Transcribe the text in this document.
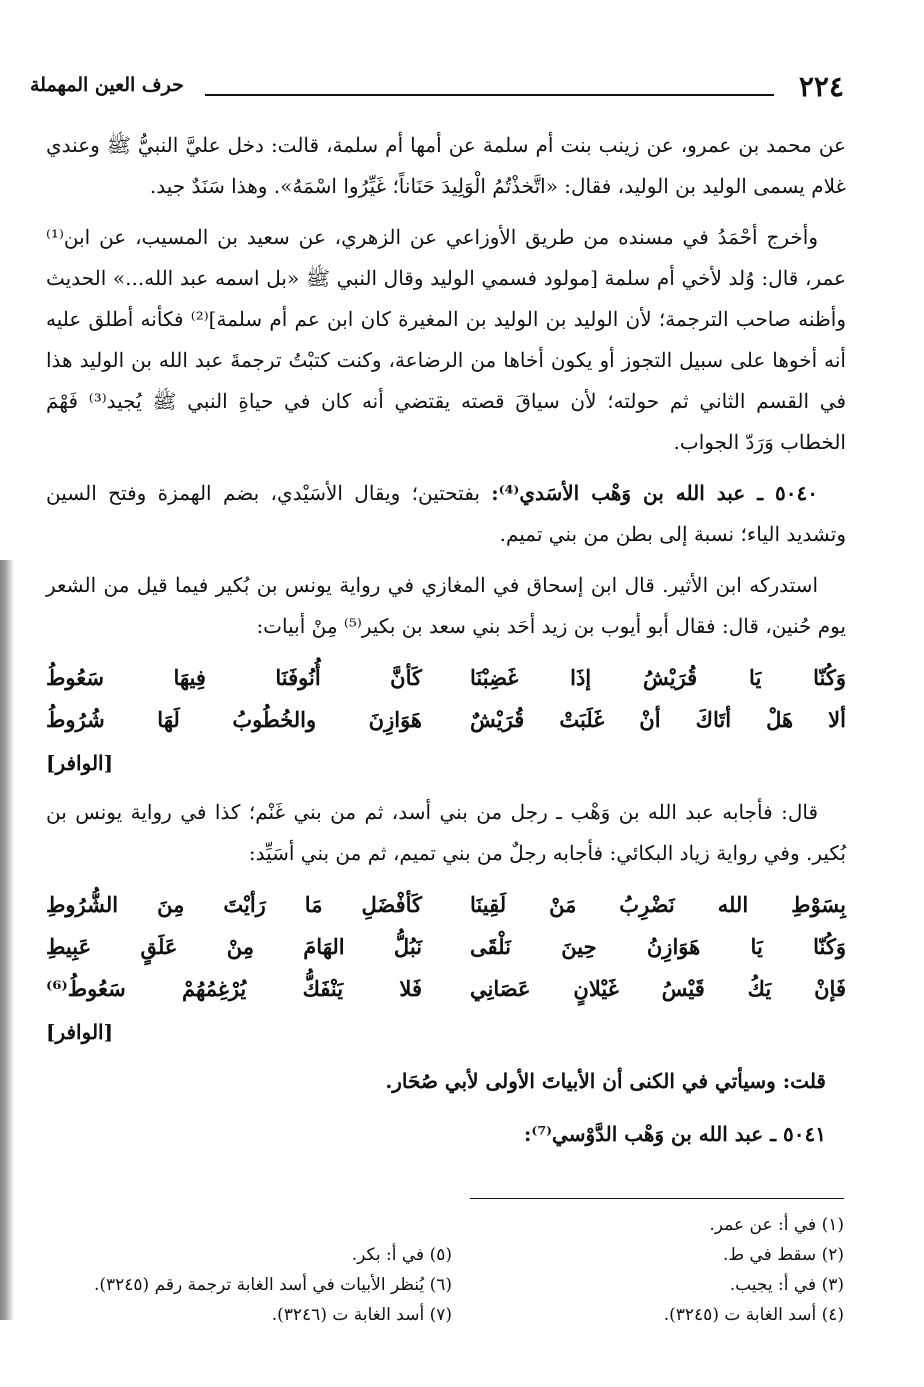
٢٢٤
حرف العين المهملة

عن محمد بن عمرو، عن زينب بنت أم سلمة عن أمها أم سلمة، قالت: دخل عليَّ النبيُّ ﷺ وعندي غلام يسمى الوليد بن الوليد، فقال: «اتَّخذْتُمُ الْوَلِيدَ حَنَاناً؛ غَيِّرُوا اسْمَهُ». وهذا سَنَدٌ جيد.

وأخرج أحْمَدُ في مسنده من طريق الأوزاعي عن الزهري، عن سعيد بن المسيب، عن ابن⁽¹⁾ عمر، قال: وُلد لأخي أم سلمة [مولود فسمي الوليد وقال النبي ﷺ «بل اسمه عبد الله...» الحديث وأظنه صاحب الترجمة؛ لأن الوليد بن الوليد بن المغيرة كان ابن عم أم سلمة]⁽²⁾ فكأنه أطلق عليه أنه أخوها على سبيل التجوز أو يكون أخاها من الرضاعة، وكنت كتبْتُ ترجمةَ عبد الله بن الوليد هذا في القسم الثاني ثم حولته؛ لأن سياقَ قصته يقتضي أنه كان في حياةِ النبي ﷺ يُجيد⁽³⁾ فَهْمَ الخطاب وَرَدّ الجواب.

٥٠٤٠ ـ عبد الله بن وَهْب الأسَدي⁽⁴⁾: بفتحتين؛ ويقال الأسَيْدي، بضم الهمزة وفتح السين وتشديد الياء؛ نسبة إلى بطن من بني تميم.

استدركه ابن الأثير. قال ابن إسحاق في المغازي في رواية يونس بن بُكير فيما قيل من الشعر يوم حُنين، قال: فقال أبو أيوب بن زيد أحَد بني سعد بن بكير⁽⁵⁾ مِنْ أبيات:

وَكُنّا يَا قُرَيْشُ إذَا غَضِبْنَا
كَأنَّ أُنُوفَنَا فِيهَا سَعُوطُ
ألا هَلْ أتَاكَ أنْ غَلَبَتْ قُرَيْشٌ
هَوَازِنَ والخُطُوبُ لَهَا شُرُوطُ
[الوافر]

قال: فأجابه عبد الله بن وَهْب ـ رجل من بني أسد، ثم من بني غَنْم؛ كذا في رواية يونس بن بُكير. وفي رواية زياد البكائي: فأجابه رجلٌ من بني تميم، ثم من بني أسَيِّد:

بِسَوْطِ الله نَضْرِبُ مَنْ لَقِينَا
كَأفْضَلِ مَا رَأيْتَ مِنَ الشُّرُوطِ
وَكُنّا يَا هَوَازِنُ حِينَ نَلْقَى
نَبُلُّ الهَامَ مِنْ عَلَقٍ عَبِيطِ
فَإنْ يَكُ قَيْسُ غَيْلانٍ عَصَانِي
فَلا يَنْفَكُّ يُرْغِمُهُمْ سَعُوطُ⁽⁶⁾
[الوافر]

قلت: وسيأتي في الكنى أن الأبياتَ الأولى لأبي صُحَار.

٥٠٤١ ـ عبد الله بن وَهْب الدَّوْسي⁽⁷⁾:

(١) في أ: عن عمر.
(٢) سقط في ط.
(٥) في أ: بكر.
(٣) في أ: يجيب.
(٦) يُنظر الأبيات في أسد الغابة ترجمة رقم (٣٢٤٥).
(٤) أسد الغابة ت (٣٢٤٥).
(٧) أسد الغابة ت (٣٢٤٦).
